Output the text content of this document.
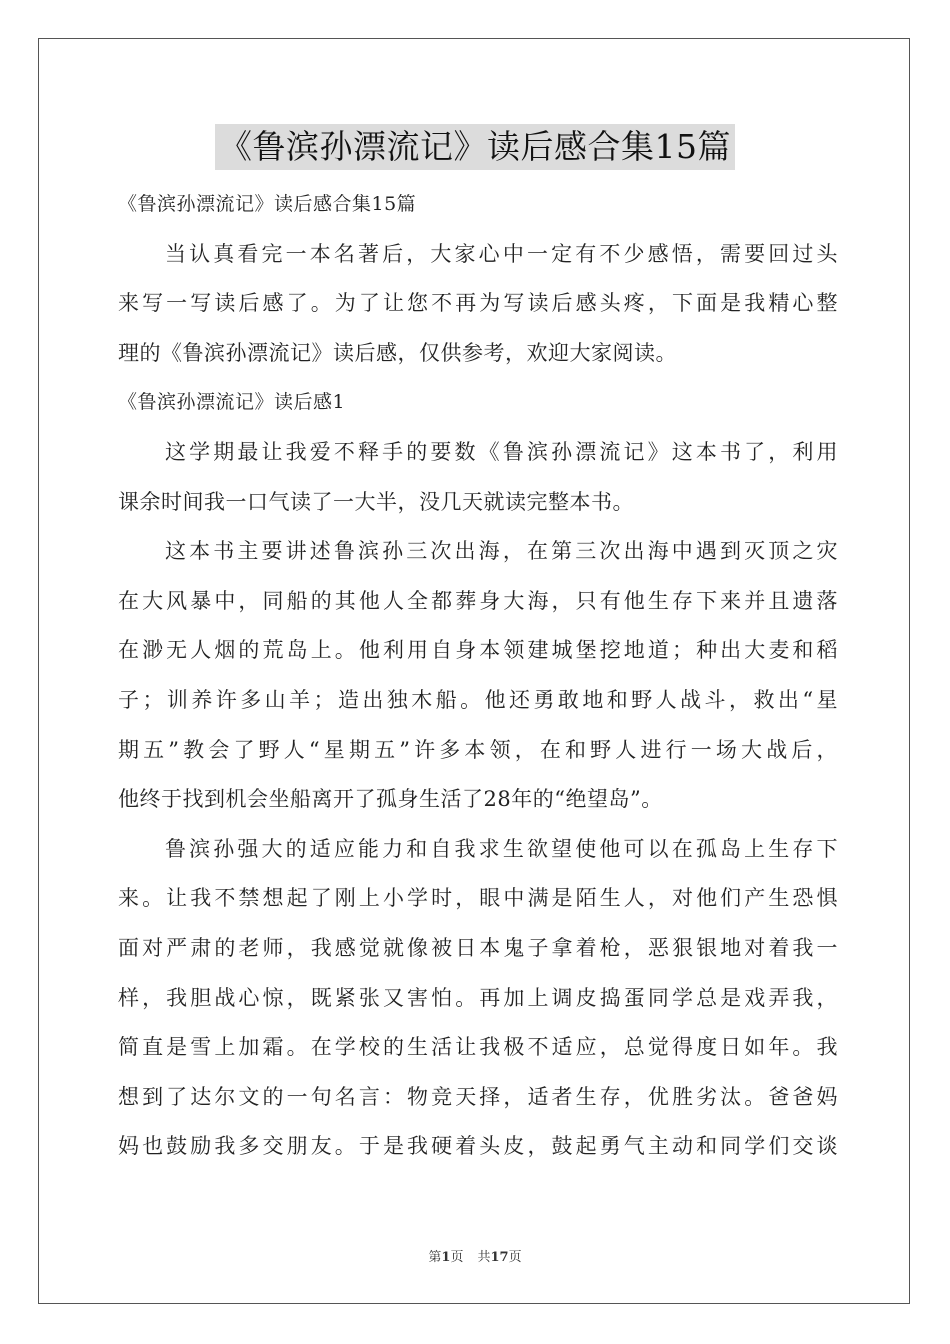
《鲁滨孙漂流记》读后感合集15篇
《鲁滨孙漂流记》读后感合集15篇
当认真看完一本名著后，大家心中一定有不少感悟，需要回过头
来写一写读后感了。为了让您不再为写读后感头疼，下面是我精心整
理的《鲁滨孙漂流记》读后感，仅供参考，欢迎大家阅读。
《鲁滨孙漂流记》读后感1
这学期最让我爱不释手的要数《鲁滨孙漂流记》这本书了，利用
课余时间我一口气读了一大半，没几天就读完整本书。
这本书主要讲述鲁滨孙三次出海，在第三次出海中遇到灭顶之灾
在大风暴中，同船的其他人全都葬身大海，只有他生存下来并且遗落
在渺无人烟的荒岛上。他利用自身本领建城堡挖地道；种出大麦和稻
子；训养许多山羊；造出独木船。他还勇敢地和野人战斗，救出“星
期五”教会了野人“星期五”许多本领，在和野人进行一场大战后，
他终于找到机会坐船离开了孤身生活了28年的“绝望岛”。
鲁滨孙强大的适应能力和自我求生欲望使他可以在孤岛上生存下
来。让我不禁想起了刚上小学时，眼中满是陌生人，对他们产生恐惧
面对严肃的老师，我感觉就像被日本鬼子拿着枪，恶狠银地对着我一
样，我胆战心惊，既紧张又害怕。再加上调皮捣蛋同学总是戏弄我，
简直是雪上加霜。在学校的生活让我极不适应，总觉得度日如年。我
想到了达尔文的一句名言：物竞天择，适者生存，优胜劣汰。爸爸妈
妈也鼓励我多交朋友。于是我硬着头皮，鼓起勇气主动和同学们交谈
第1页 共17页
